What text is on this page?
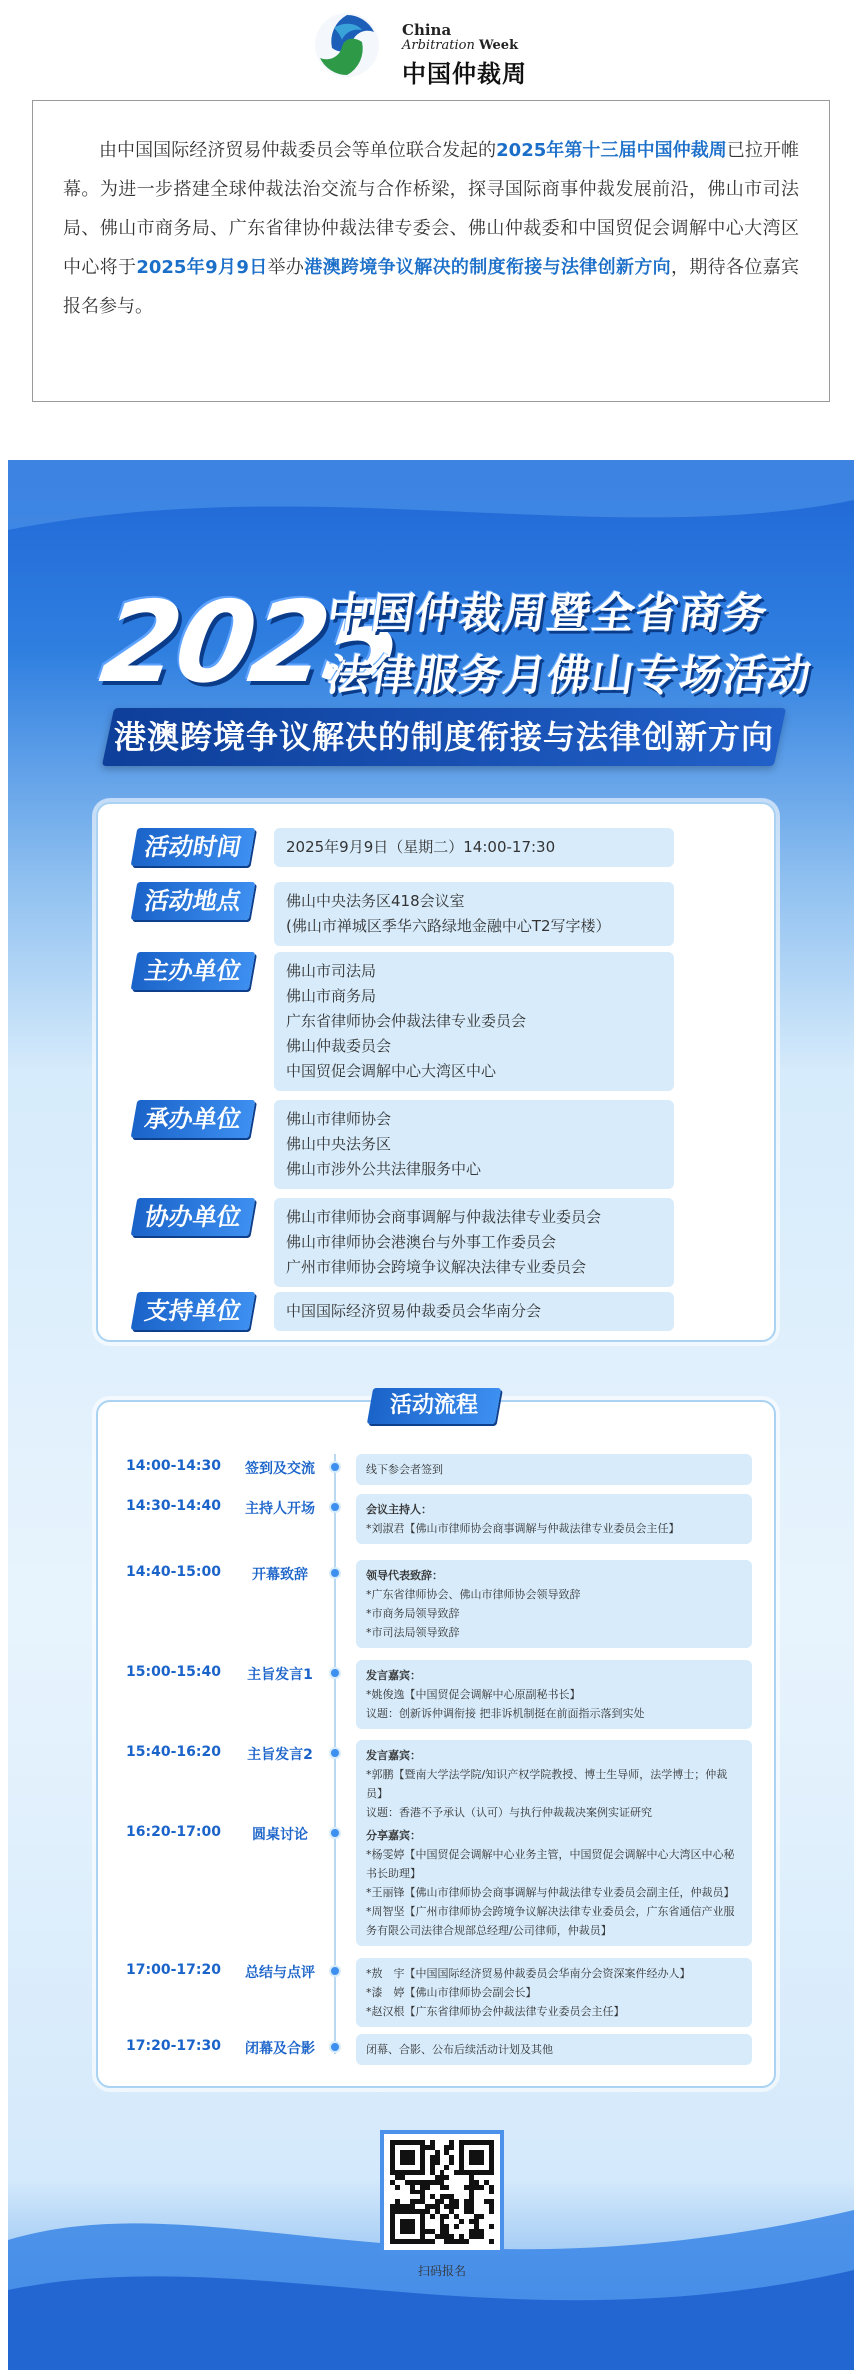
China
Arbitration Week
中国仲裁周

由中国国际经济贸易仲裁委员会等单位联合发起的2025年第十三届中国仲裁周已拉开帷幕。为进一步搭建全球仲裁法治交流与合作桥梁，探寻国际商事仲裁发展前沿，佛山市司法局、佛山市商务局、广东省律协仲裁法律专委会、佛山仲裁委和中国贸促会调解中心大湾区中心将于2025年9月9日举办港澳跨境争议解决的制度衔接与法律创新方向，期待各位嘉宾报名参与。

2025
中国仲裁周暨全省商务
法律服务月佛山专场活动
港澳跨境争议解决的制度衔接与法律创新方向
活动时间	2025年9月9日（星期二）14:00-17:30
活动地点	佛山中央法务区418会议室
(佛山市禅城区季华六路绿地金融中心T2写字楼）
主办单位	佛山市司法局
佛山市商务局
广东省律师协会仲裁法律专业委员会
佛山仲裁委员会
中国贸促会调解中心大湾区中心
承办单位	佛山市律师协会
佛山中央法务区
佛山市涉外公共法律服务中心
协办单位	佛山市律师协会商事调解与仲裁法律专业委员会
佛山市律师协会港澳台与外事工作委员会
广州市律师协会跨境争议解决法律专业委员会
支持单位	中国国际经济贸易仲裁委员会华南分会
活动流程
14:00-14:30	签到及交流	线下参会者签到
14:30-14:40	主持人开场	会议主持人：
*刘淑君【佛山市律师协会商事调解与仲裁法律专业委员会主任】
14:40-15:00	开幕致辞	领导代表致辞：
*广东省律师协会、佛山市律师协会领导致辞
*市商务局领导致辞
*市司法局领导致辞
15:00-15:40	主旨发言1	发言嘉宾：
*姚俊逸【中国贸促会调解中心原副秘书长】
议题：创新诉仲调衔接 把非诉机制挺在前面指示落到实处
15:40-16:20	主旨发言2	发言嘉宾：
*郭鹏【暨南大学法学院/知识产权学院教授、博士生导师，法学博士；仲裁员】
议题：香港不予承认（认可）与执行仲裁裁决案例实证研究
16:20-17:00	圆桌讨论	分享嘉宾：
*杨雯婷【中国贸促会调解中心业务主管，中国贸促会调解中心大湾区中心秘书长助理】
*王丽锋【佛山市律师协会商事调解与仲裁法律专业委员会副主任，仲裁员】
*周智坚【广州市律师协会跨境争议解决法律专业委员会，广东省通信产业服务有限公司法律合规部总经理/公司律师，仲裁员】
17:00-17:20	总结与点评	*敖　宇【中国国际经济贸易仲裁委员会华南分会资深案件经办人】
*漆　婷【佛山市律师协会副会长】
*赵汉根【广东省律师协会仲裁法律专业委员会主任】
17:20-17:30	闭幕及合影	闭幕、合影、公布后续活动计划及其他
扫码报名
